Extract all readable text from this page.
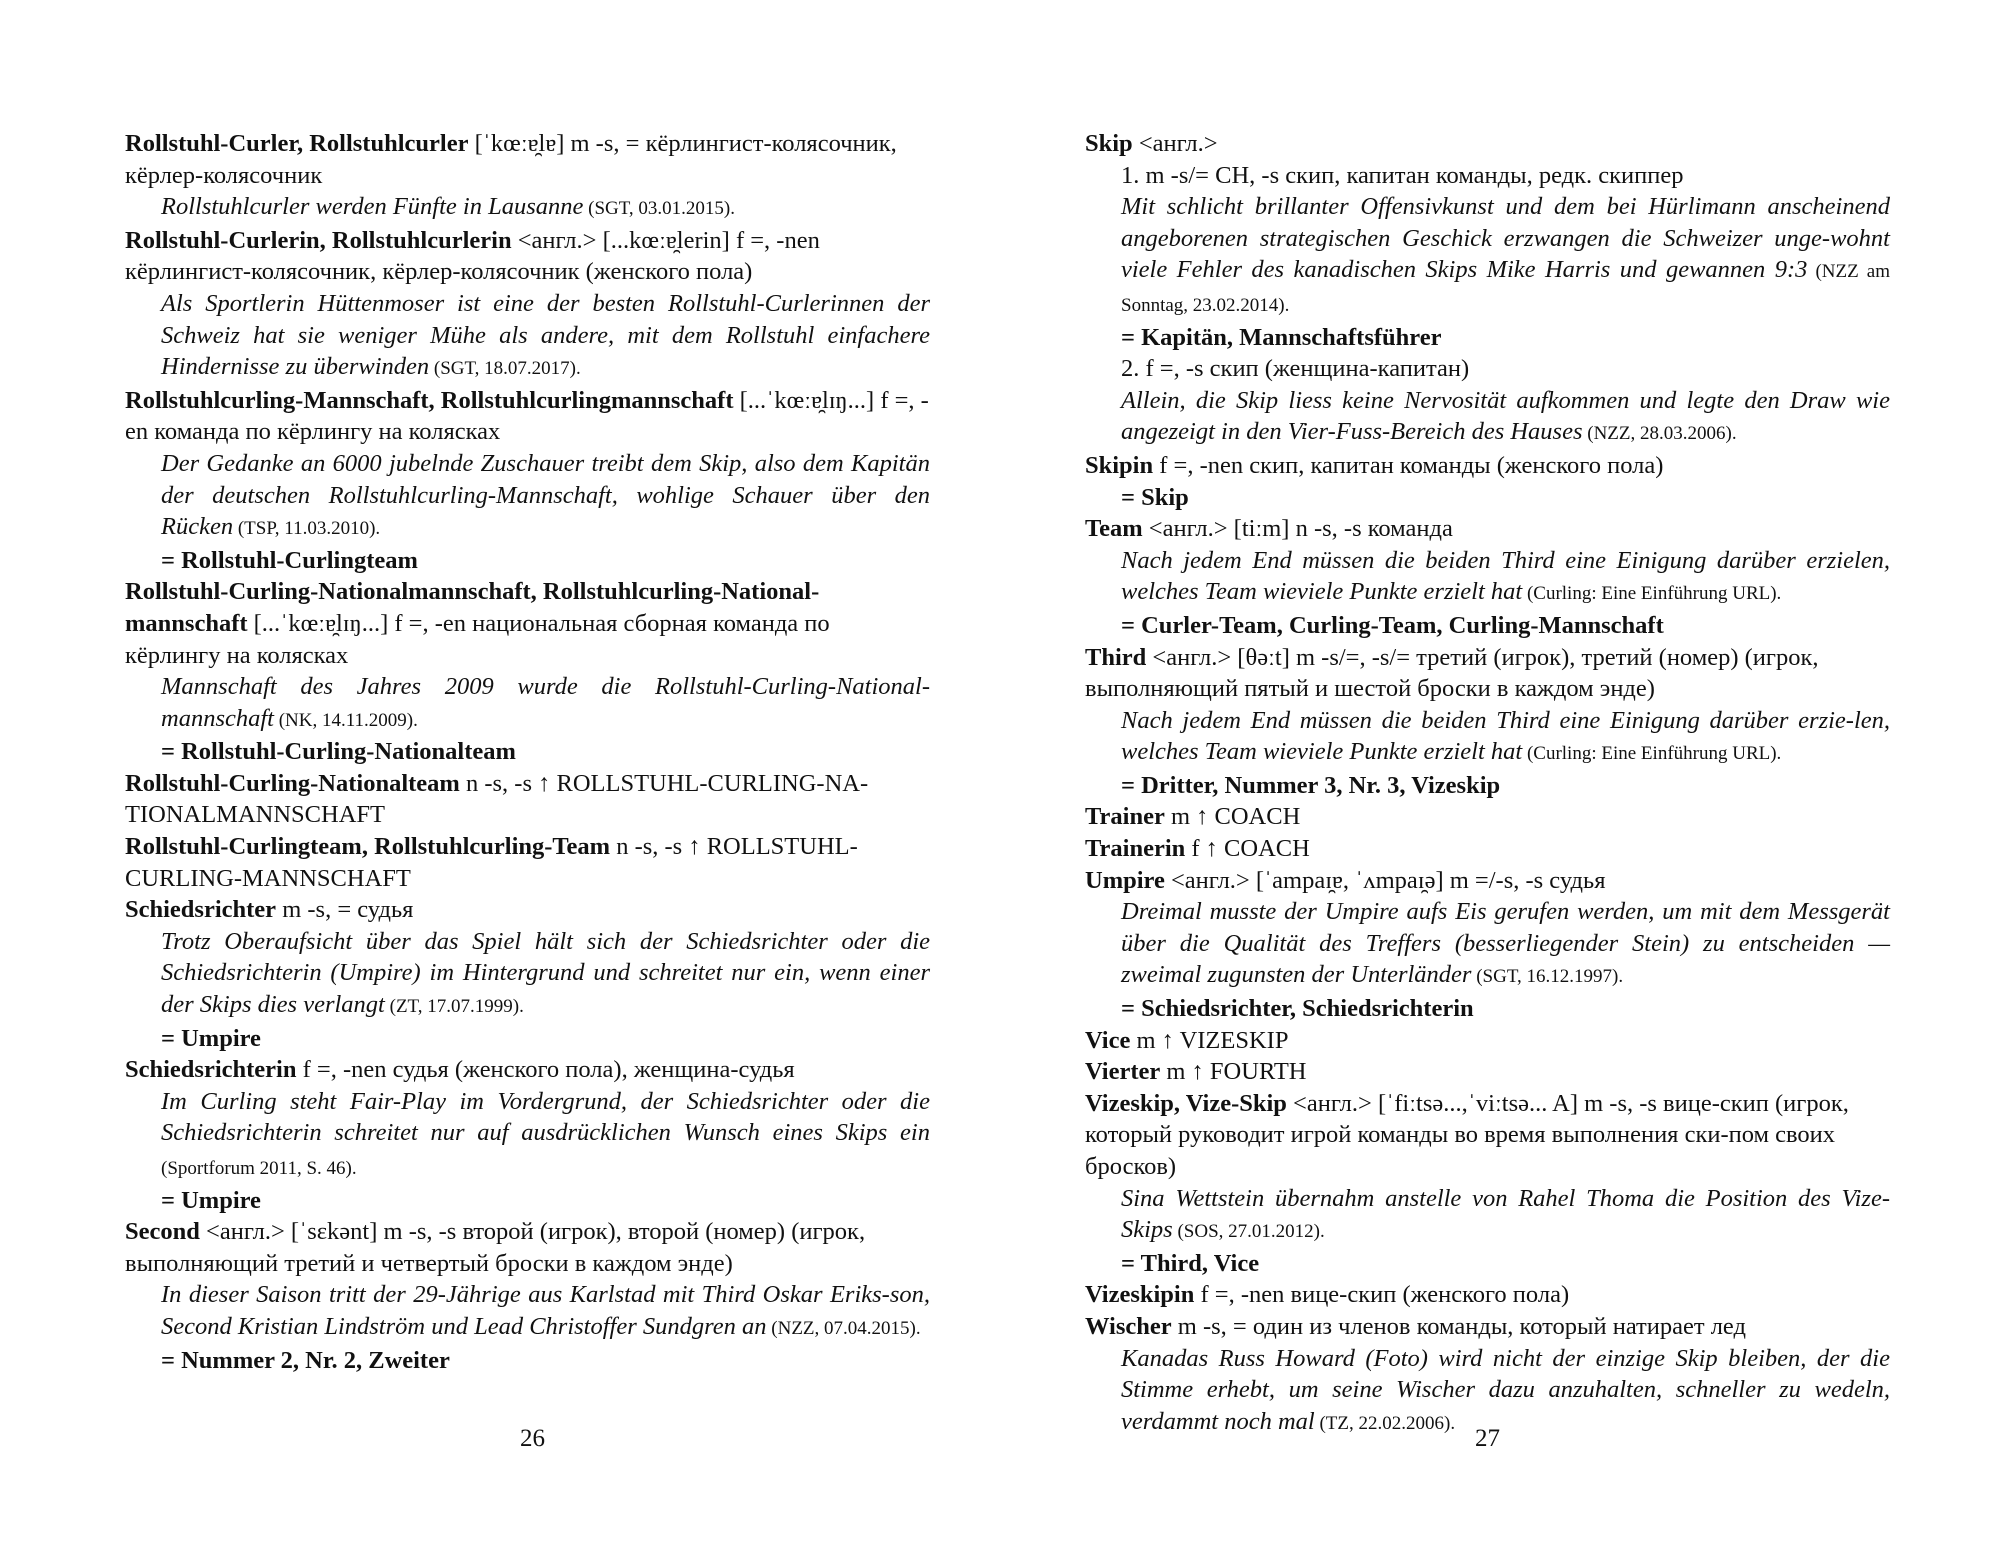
Rollstuhl-Curler, Rollstuhlcurler [ˈkœːɐ̯lɐ] m -s, = кёрлингист-колясочник, кёрлер-колясочник
Rollstuhlcurler werden Fünfte in Lausanne (SGT, 03.01.2015).
Rollstuhl-Curlerin, Rollstuhlcurlerin <англ.> [...kœːɐ̯lerin] f =, -nen кёрлингист-колясочник, кёрлер-колясочник (женского пола)
Als Sportlerin Hüttenmoser ist eine der besten Rollstuhl-Curlerinnen der Schweiz hat sie weniger Mühe als andere, mit dem Rollstuhl einfachere Hindernisse zu überwinden (SGT, 18.07.2017).
Rollstuhlcurling-Mannschaft, Rollstuhlcurlingmannschaft [...ˈkœːɐ̯lɪŋ...] f =, -en команда по кёрлингу на колясках
Der Gedanke an 6000 jubelnde Zuschauer treibt dem Skip, also dem Kapitän der deutschen Rollstuhlcurling-Mannschaft, wohlige Schauer über den Rücken (TSP, 11.03.2010).
= Rollstuhl-Curlingteam
Rollstuhl-Curling-Nationalmannschaft, Rollstuhlcurling-National-mannschaft [...ˈkœːɐ̯lɪŋ...] f =, -en национальная сборная команда по кёрлингу на колясках
Mannschaft des Jahres 2009 wurde die Rollstuhl-Curling-National-mannschaft (NK, 14.11.2009).
= Rollstuhl-Curling-Nationalteam
Rollstuhl-Curling-Nationalteam n -s, -s ↑ ROLLSTUHL-CURLING-NA-TIONALMANNSCHAFT
Rollstuhl-Curlingteam, Rollstuhlcurling-Team n -s, -s ↑ ROLLSTUHL-CURLING-MANNSCHAFT
Schiedsrichter m -s, = судья
Trotz Oberaufsicht über das Spiel hält sich der Schiedsrichter oder die Schiedsrichterin (Umpire) im Hintergrund und schreitet nur ein, wenn einer der Skips dies verlangt (ZT, 17.07.1999).
= Umpire
Schiedsrichterin f =, -nen судья (женского пола), женщина-судья
Im Curling steht Fair-Play im Vordergrund, der Schiedsrichter oder die Schiedsrichterin schreitet nur auf ausdrücklichen Wunsch eines Skips ein (Sportforum 2011, S. 46).
= Umpire
Second <англ.> [ˈsɛkənt] m -s, -s второй (игрок), второй (номер) (игрок, выполняющий третий и четвертый броски в каждом энде)
In dieser Saison tritt der 29-Jährige aus Karlstad mit Third Oskar Eriks-son, Second Kristian Lindström und Lead Christoffer Sundgren an (NZZ, 07.04.2015).
= Nummer 2, Nr. 2, Zweiter
Skip <англ.>
1. m -s/= CH, -s скип, капитан команды, редк. скиппер
Mit schlicht brillanter Offensivkunst und dem bei Hürlimann anscheinend angeborenen strategischen Geschick erzwangen die Schweizer unge-wohnt viele Fehler des kanadischen Skips Mike Harris und gewannen 9:3 (NZZ am Sonntag, 23.02.2014).
= Kapitän, Mannschaftsführer
2. f =, -s скип (женщина-капитан)
Allein, die Skip liess keine Nervosität aufkommen und legte den Draw wie angezeigt in den Vier-Fuss-Bereich des Hauses (NZZ, 28.03.2006).
Skipin f =, -nen скип, капитан команды (женского пола)
= Skip
Team <англ.> [tiːm] n -s, -s команда
Nach jedem End müssen die beiden Third eine Einigung darüber erzielen, welches Team wieviele Punkte erzielt hat (Curling: Eine Einführung URL).
= Curler-Team, Curling-Team, Curling-Mannschaft
Third <англ.> [θəːt] m -s/=, -s/= третий (игрок), третий (номер) (игрок, выполняющий пятый и шестой броски в каждом энде)
Nach jedem End müssen die beiden Third eine Einigung darüber erzie-len, welches Team wieviele Punkte erzielt hat (Curling: Eine Einführung URL).
= Dritter, Nummer 3, Nr. 3, Vizeskip
Trainer m ↑ COACH
Trainerin f ↑ COACH
Umpire <англ.> [ˈampaɪ̯ɐ, ˈʌmpaɪ̯ə] m =/-s, -s судья
Dreimal musste der Umpire aufs Eis gerufen werden, um mit dem Messgerät über die Qualität des Treffers (besserliegender Stein) zu entscheiden — zweimal zugunsten der Unterländer (SGT, 16.12.1997).
= Schiedsrichter, Schiedsrichterin
Vice m ↑ VIZESKIP
Vierter m ↑ FOURTH
Vizeskip, Vize-Skip <англ.> [ˈfiːtsə...,ˈviːtsə... A] m -s, -s вице-скип (игрок, который руководит игрой команды во время выполнения ски-пом своих бросков)
Sina Wettstein übernahm anstelle von Rahel Thoma die Position des Vize-Skips (SOS, 27.01.2012).
= Third, Vice
Vizeskipin f =, -nen вице-скип (женского пола)
Wischer m -s, = один из членов команды, который натирает лед
Kanadas Russ Howard (Foto) wird nicht der einzige Skip bleiben, der die Stimme erhebt, um seine Wischer dazu anzuhalten, schneller zu wedeln, verdammt noch mal (TZ, 22.02.2006).
26	27
